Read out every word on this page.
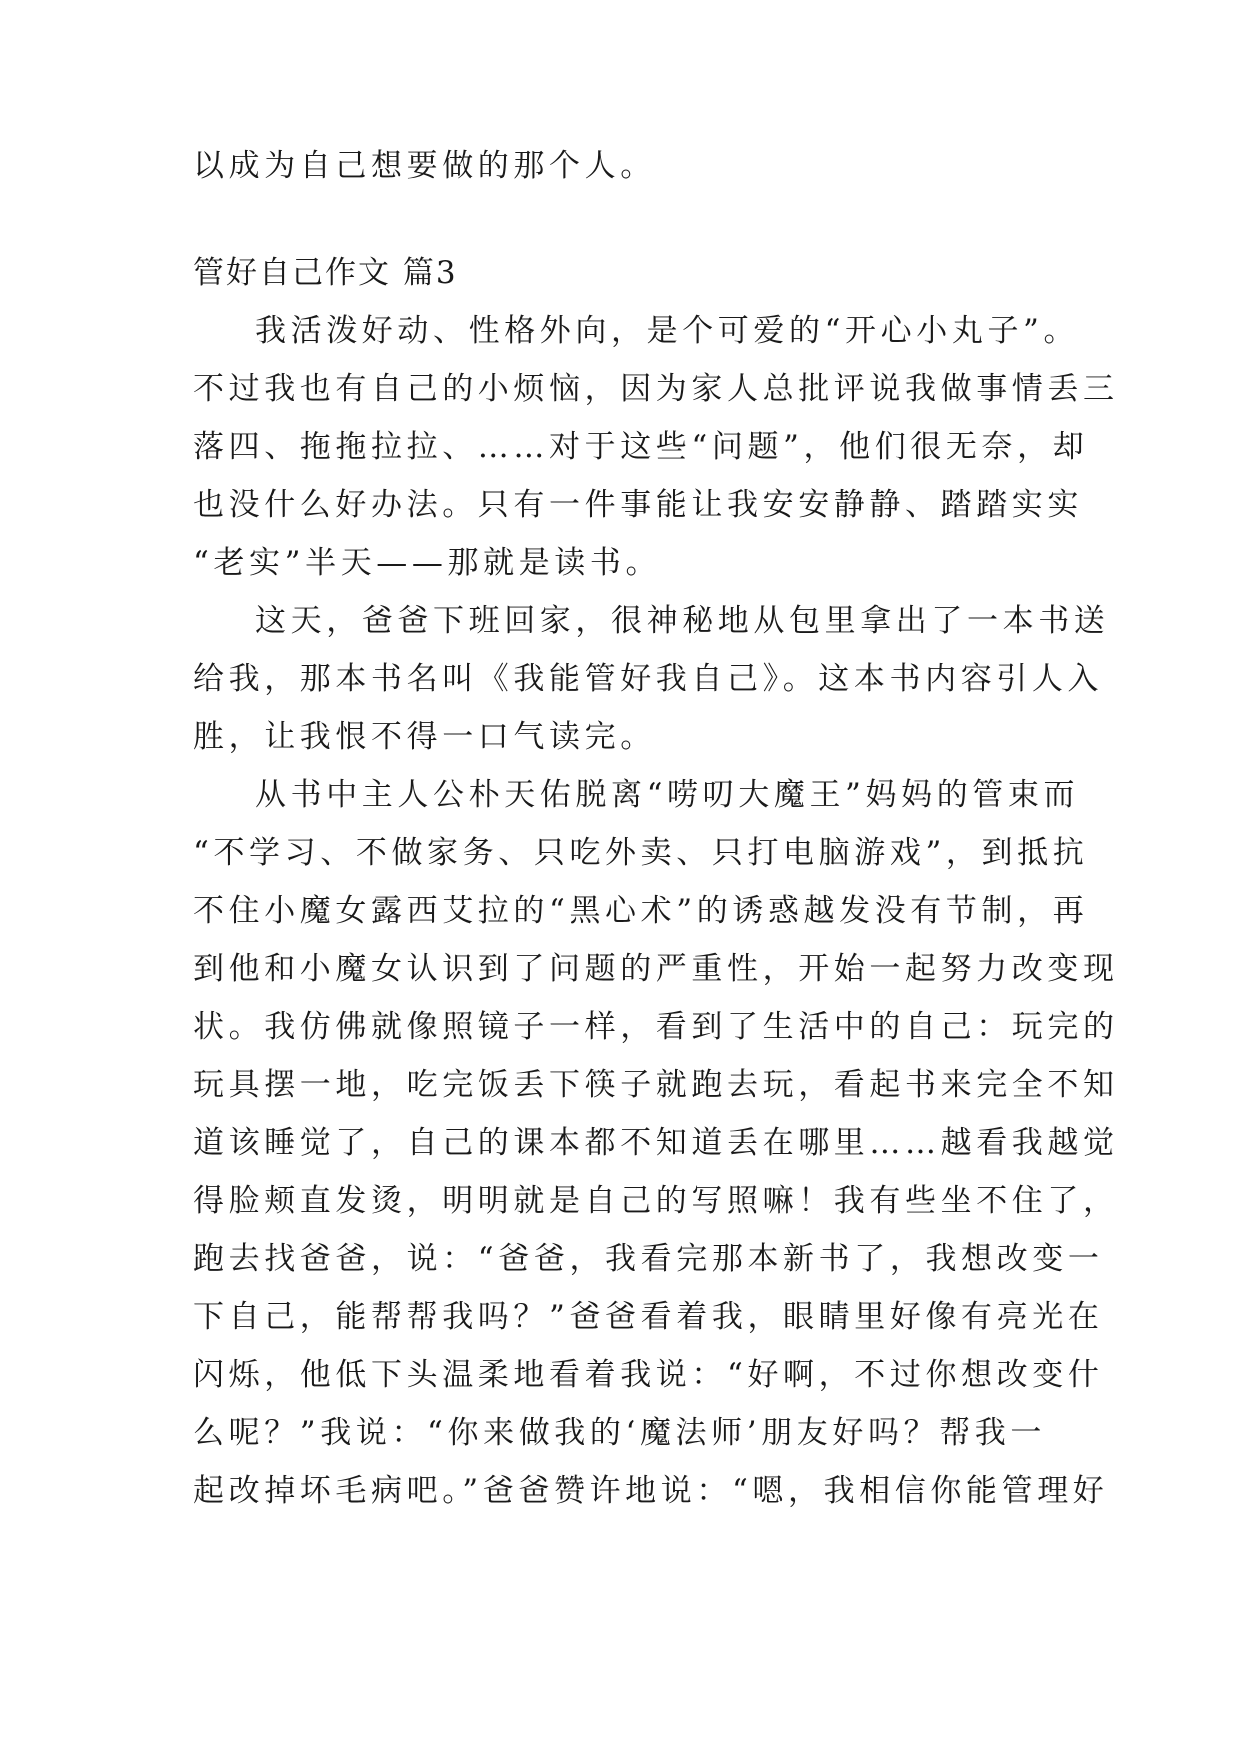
以成为自己想要做的那个人。
管好自己作文 篇3
我活泼好动、性格外向，是个可爱的“开心小丸子”。
不过我也有自己的小烦恼，因为家人总批评说我做事情丢三
落四、拖拖拉拉、……对于这些“问题”，他们很无奈，却
也没什么好办法。只有一件事能让我安安静静、踏踏实实
“老实”半天——那就是读书。
这天，爸爸下班回家，很神秘地从包里拿出了一本书送
给我，那本书名叫《我能管好我自己》。这本书内容引人入
胜，让我恨不得一口气读完。
从书中主人公朴天佑脱离“唠叨大魔王”妈妈的管束而
“不学习、不做家务、只吃外卖、只打电脑游戏”，到抵抗
不住小魔女露西艾拉的“黑心术”的诱惑越发没有节制，再
到他和小魔女认识到了问题的严重性，开始一起努力改变现
状。我仿佛就像照镜子一样，看到了生活中的自己：玩完的
玩具摆一地，吃完饭丢下筷子就跑去玩，看起书来完全不知
道该睡觉了，自己的课本都不知道丢在哪里……越看我越觉
得脸颊直发烫，明明就是自己的写照嘛！我有些坐不住了，
跑去找爸爸，说：“爸爸，我看完那本新书了，我想改变一
下自己，能帮帮我吗？”爸爸看着我，眼睛里好像有亮光在
闪烁，他低下头温柔地看着我说：“好啊，不过你想改变什
么呢？”我说：“你来做我的‘魔法师’朋友好吗？帮我一
起改掉坏毛病吧。”爸爸赞许地说：“嗯，我相信你能管理好
